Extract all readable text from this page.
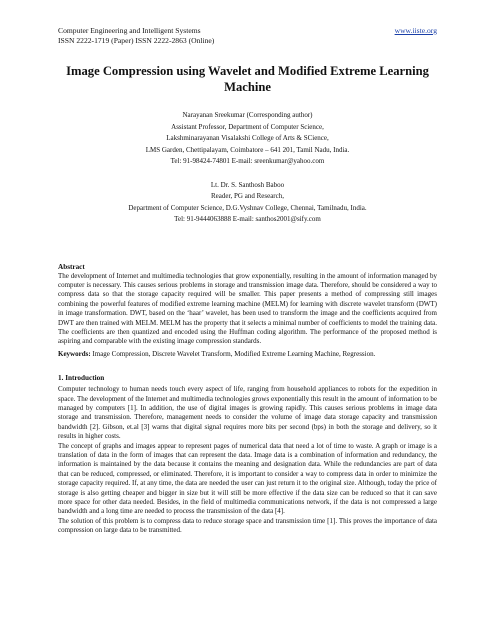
Computer Engineering and Intelligent Systems	www.iiste.org
ISSN 2222-1719 (Paper) ISSN 2222-2863 (Online)
Image Compression using Wavelet and Modified Extreme Learning
Machine
Narayanan Sreekumar (Corresponding author)
Assistant Professor, Department of Computer Science,
Lakshminarayanan Visalakshi College of Arts & SCience,
LMS Garden, Chettipalayam, Coimbatore – 641 201, Tamil Nadu, India.
Tel: 91-98424-74801 E-mail: sreenkumar@yahoo.com
Lt. Dr. S. Santhosh Baboo
Reader, PG and Research,
Department of Computer Science, D.G.Vyshnav College, Chennai, Tamilnadu, India.
Tel: 91-9444063888 E-mail: santhos2001@sify.com
Abstract

The development of Internet and multimedia technologies that grow exponentially, resulting in the amount of information managed by computer is necessary. This causes serious problems in storage and transmission image data. Therefore, should be considered a way to compress data so that the storage capacity required will be smaller. This paper presents a method of compressing still images combining the powerful features of modified extreme learning machine (MELM) for learning with discrete wavelet transform (DWT) in image transformation. DWT, based on the ‘haar’ wavelet, has been used to transform the image and the coefficients acquired from DWT are then trained with MELM. MELM has the property that it selects a minimal number of coefficients to model the training data. The coefficients are then quantized and encoded using the Huffman coding algorithm. The performance of the proposed method is aspiring and comparable with the existing image compression standards.

Keywords: Image Compression, Discrete Wavelet Transform, Modified Extreme Learning Machine, Regression.

1. Introduction

Computer technology to human needs touch every aspect of life, ranging from household appliances to robots for the expedition in space. The development of the Internet and multimedia technologies grows exponentially this result in the amount of information to be managed by computers [1]. In addition, the use of digital images is growing rapidly. This causes serious problems in image data storage and transmission. Therefore, management needs to consider the volume of image data storage capacity and transmission bandwidth [2]. Gibson, et.al [3] warns that digital signal requires more bits per second (bps) in both the storage and delivery, so it results in higher costs.

The concept of graphs and images appear to represent pages of numerical data that need a lot of time to waste. A graph or image is a translation of data in the form of images that can represent the data. Image data is a combination of information and redundancy, the information is maintained by the data because it contains the meaning and designation data. While the redundancies are part of data that can be reduced, compressed, or eliminated. Therefore, it is important to consider a way to compress data in order to minimize the storage capacity required. If, at any time, the data are needed the user can just return it to the original size. Although, today the price of storage is also getting cheaper and bigger in size but it will still be more effective if the data size can be reduced so that it can save more space for other data needed. Besides, in the field of multimedia communications network, if the data is not compressed a large bandwidth and a long time are needed to process the transmission of the data [4].

The solution of this problem is to compress data to reduce storage space and transmission time [1]. This proves the importance of data compression on large data to be transmitted.
